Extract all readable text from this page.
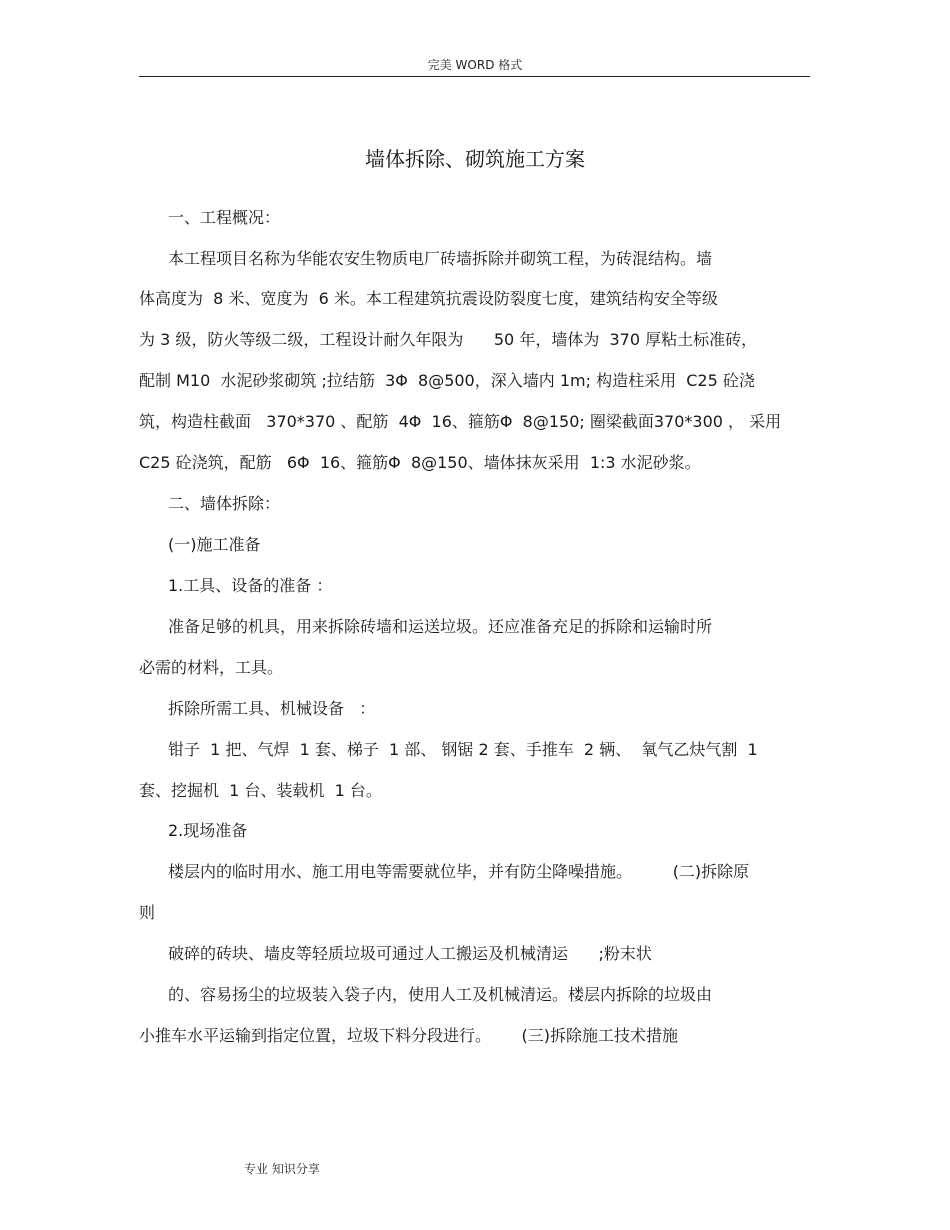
完美 WORD 格式
墙体拆除、砌筑施工方案
一、工程概况：
本工程项目名称为华能农安生物质电厂砖墙拆除并砌筑工程，为砖混结构。墙
体高度为  8 米、宽度为  6 米。本工程建筑抗震设防裂度七度，建筑结构安全等级
为 3 级，防火等级二级，工程设计耐久年限为      50 年，墙体为  370 厚粘土标准砖，
配制 M10  水泥砂浆砌筑 ;拉结筋  3Φ  8@500，深入墙内 1m; 构造柱采用  C25 砼浇
筑，构造柱截面   370*370 、配筋  4Φ  16、箍筋Φ  8@150; 圈梁截面370*300 ， 采用
C25 砼浇筑，配筋   6Φ  16、箍筋Φ  8@150、墙体抹灰采用  1:3 水泥砂浆。
二、墙体拆除：
(一)施工准备
1.工具、设备的准备 ：
准备足够的机具，用来拆除砖墙和运送垃圾。还应准备充足的拆除和运输时所
必需的材料，工具。
拆除所需工具、机械设备   ：
钳子  1 把、气焊  1 套、梯子  1 部、 钢锯 2 套、手推车  2 辆、  氧气乙炔气割  1
套、挖掘机  1 台、装载机  1 台。
2.现场准备
楼层内的临时用水、施工用电等需要就位毕，并有防尘降噪措施。        (二)拆除原
则
破碎的砖块、墙皮等轻质垃圾可通过人工搬运及机械清运      ;粉末状
的、容易扬尘的垃圾装入袋子内，使用人工及机械清运。楼层内拆除的垃圾由
小推车水平运输到指定位置，垃圾下料分段进行。      (三)拆除施工技术措施
专业 知识分享
